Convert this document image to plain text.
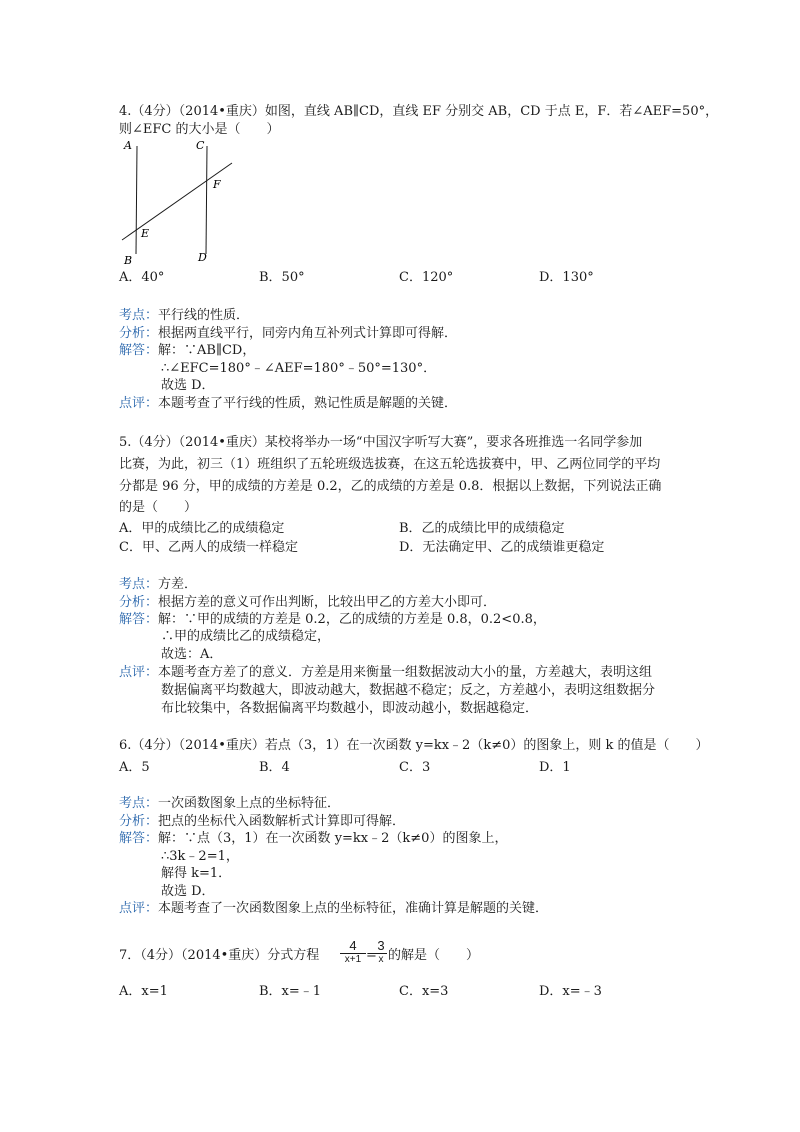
4.（4分）（2014•重庆）如图，直线 AB∥CD，直线 EF 分别交 AB，CD 于点 E，F．若∠AEF=50°，
则∠EFC 的大小是（　　）
A
B
C
D
E
F
A．40°	B．50°	C．120°	D．130°
考点：平行线的性质．
分析：根据两直线平行，同旁内角互补列式计算即可得解．
解答：解：∵AB∥CD，
∴∠EFC=180°﹣∠AEF=180°﹣50°=130°．
故选 D．
点评：本题考查了平行线的性质，熟记性质是解题的关键．
5.（4分）（2014•重庆）某校将举办一场“中国汉字听写大赛”，要求各班推选一名同学参加
比赛，为此，初三（1）班组织了五轮班级选拔赛，在这五轮选拔赛中，甲、乙两位同学的平均
分都是 96 分，甲的成绩的方差是 0.2，乙的成绩的方差是 0.8．根据以上数据，下列说法正确
的是（　　）
A．甲的成绩比乙的成绩稳定	B．乙的成绩比甲的成绩稳定
C．甲、乙两人的成绩一样稳定	D．无法确定甲、乙的成绩谁更稳定
考点：方差．
分析：根据方差的意义可作出判断，比较出甲乙的方差大小即可．
解答：解：∵甲的成绩的方差是 0.2，乙的成绩的方差是 0.8，0.2<0.8，
∴甲的成绩比乙的成绩稳定，
故选：A．
点评：本题考查方差了的意义．方差是用来衡量一组数据波动大小的量，方差越大，表明这组
数据偏离平均数越大，即波动越大，数据越不稳定；反之，方差越小，表明这组数据分
布比较集中，各数据偏离平均数越小，即波动越小，数据越稳定．
6.（4分）（2014•重庆）若点（3，1）在一次函数 y=kx﹣2（k≠0）的图象上，则 k 的值是（　　）
A．5	B．4	C．3	D．1
考点：一次函数图象上点的坐标特征．
分析：把点的坐标代入函数解析式计算即可得解．
解答：解：∵点（3，1）在一次函数 y=kx﹣2（k≠0）的图象上，
∴3k﹣2=1，
解得 k=1．
故选 D．
点评：本题考查了一次函数图象上点的坐标特征，准确计算是解题的关键．
7．（4分）（2014•重庆）分式方程
4
x+1 =
3
x 的解是（　　）
A．x=1	B．x=﹣1	C．x=3	D．x=﹣3
